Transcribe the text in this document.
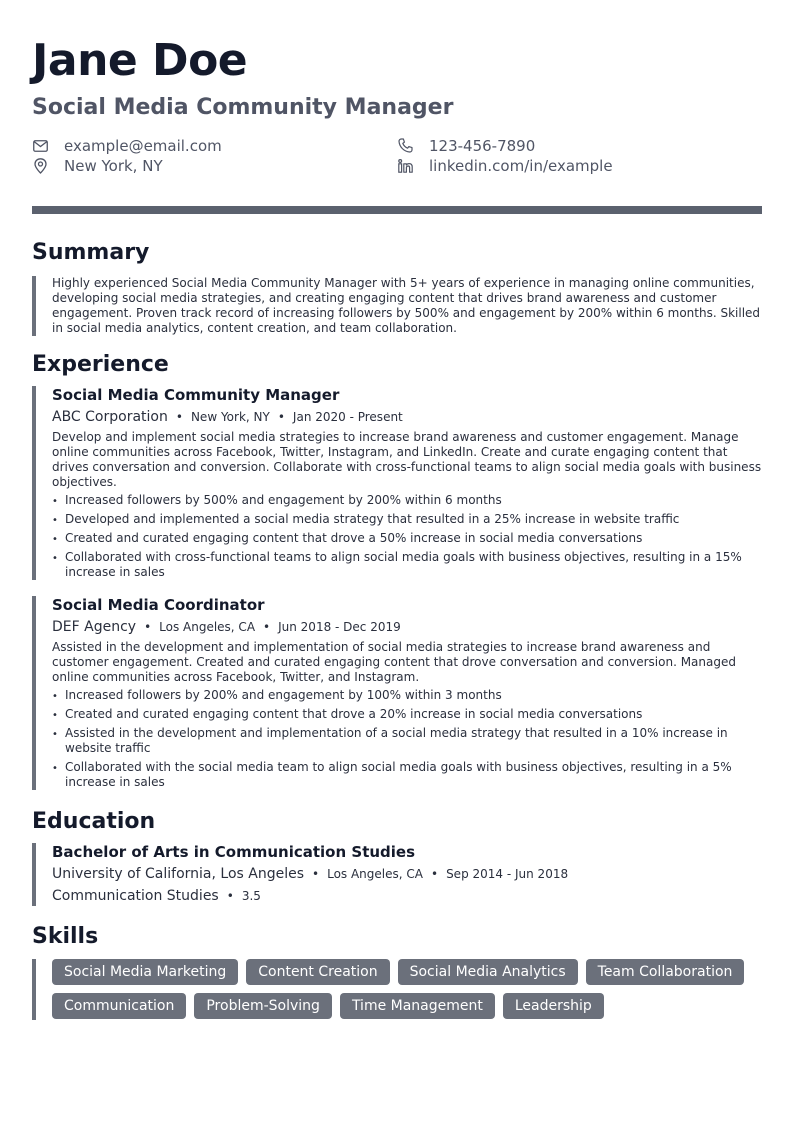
Jane Doe
Social Media Community Manager
example@email.com	123-456-7890
New York, NY	linkedin.com/in/example
Summary
Highly experienced Social Media Community Manager with 5+ years of experience in managing online communities, developing social media strategies, and creating engaging content that drives brand awareness and customer engagement. Proven track record of increasing followers by 500% and engagement by 200% within 6 months. Skilled in social media analytics, content creation, and team collaboration.
Experience
Social Media Community Manager
ABC Corporation • New York, NY • Jan 2020 - Present
Develop and implement social media strategies to increase brand awareness and customer engagement. Manage online communities across Facebook, Twitter, Instagram, and LinkedIn. Create and curate engaging content that drives conversation and conversion. Collaborate with cross-functional teams to align social media goals with business objectives.
• Increased followers by 500% and engagement by 200% within 6 months
• Developed and implemented a social media strategy that resulted in a 25% increase in website traffic
• Created and curated engaging content that drove a 50% increase in social media conversations
• Collaborated with cross-functional teams to align social media goals with business objectives, resulting in a 15% increase in sales
Social Media Coordinator
DEF Agency • Los Angeles, CA • Jun 2018 - Dec 2019
Assisted in the development and implementation of social media strategies to increase brand awareness and customer engagement. Created and curated engaging content that drove conversation and conversion. Managed online communities across Facebook, Twitter, and Instagram.
• Increased followers by 200% and engagement by 100% within 3 months
• Created and curated engaging content that drove a 20% increase in social media conversations
• Assisted in the development and implementation of a social media strategy that resulted in a 10% increase in website traffic
• Collaborated with the social media team to align social media goals with business objectives, resulting in a 5% increase in sales
Education
Bachelor of Arts in Communication Studies
University of California, Los Angeles • Los Angeles, CA • Sep 2014 - Jun 2018
Communication Studies • 3.5
Skills
Social Media Marketing	Content Creation	Social Media Analytics	Team Collaboration
Communication	Problem-Solving	Time Management	Leadership
